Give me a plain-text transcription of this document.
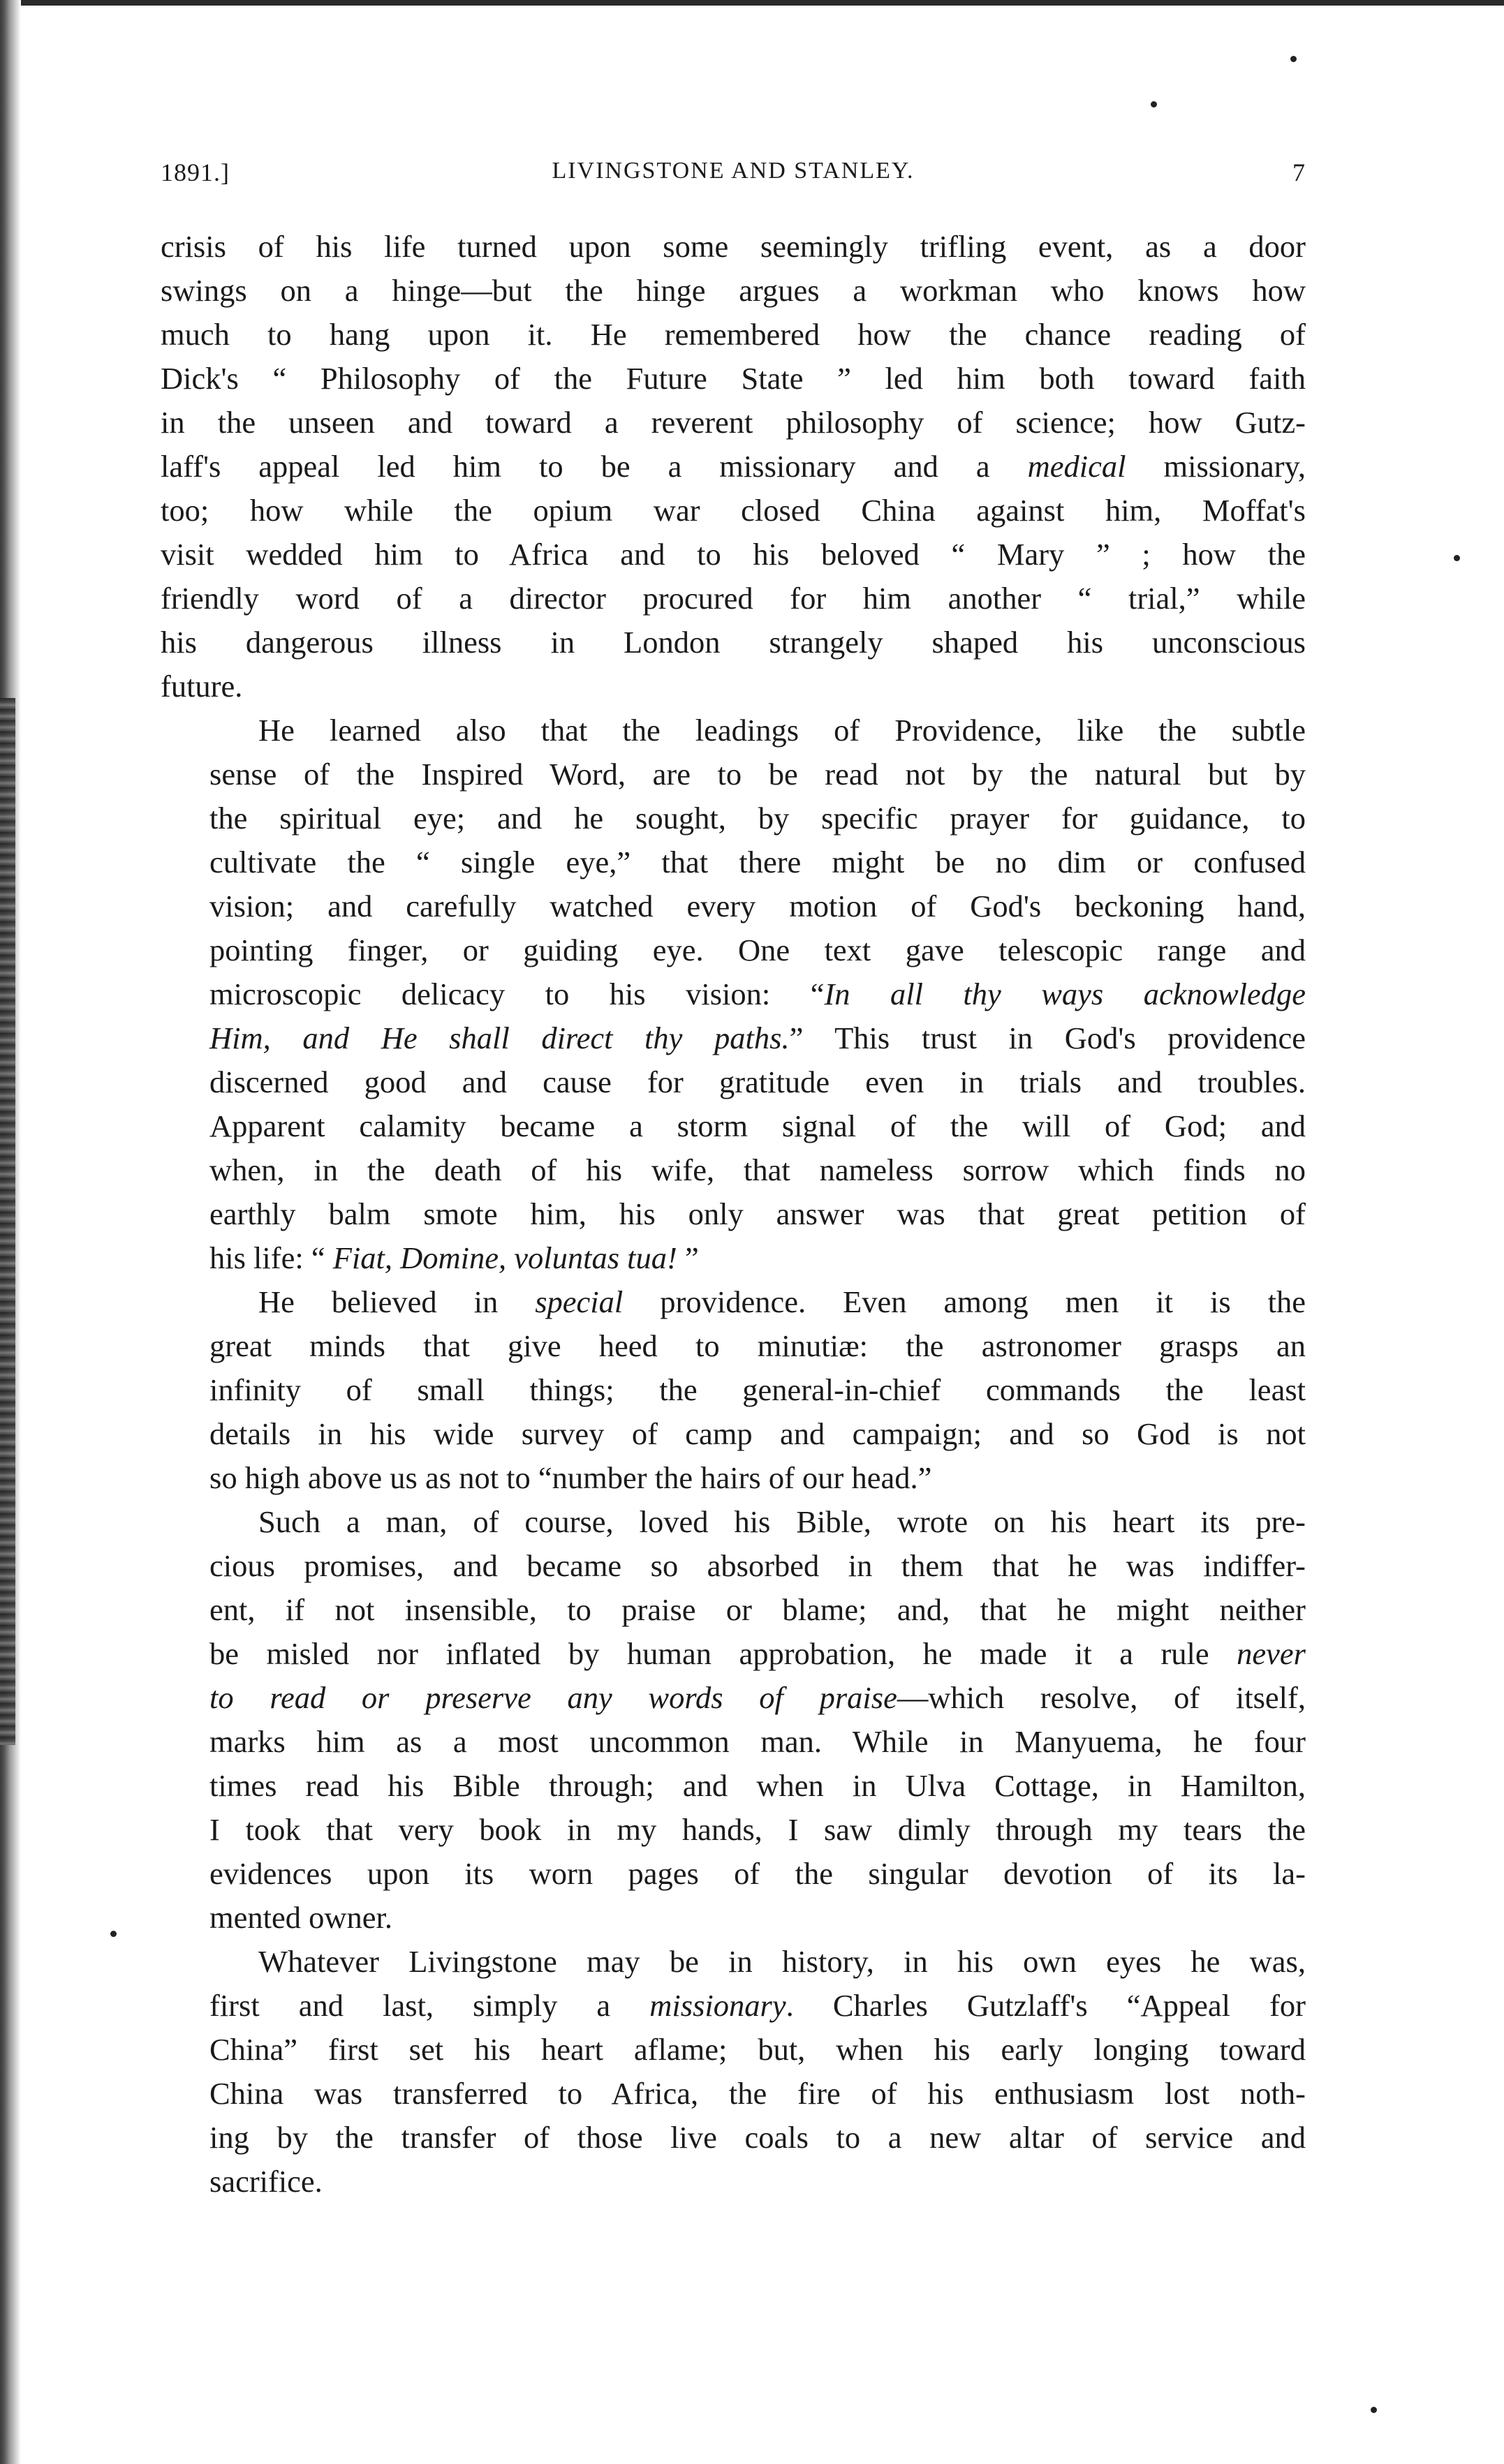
1891.]	LIVINGSTONE AND STANLEY.	7
crisis of his life turned upon some seemingly trifling event, as a door
swings on a hinge—but the hinge argues a workman who knows how
much to hang upon it. He remembered how the chance reading of
Dick's “ Philosophy of the Future State ” led him both toward faith
in the unseen and toward a reverent philosophy of science; how Gutz-
laff's appeal led him to be a missionary and a medical missionary,
too; how while the opium war closed China against him, Moffat's
visit wedded him to Africa and to his beloved “ Mary ” ; how the
friendly word of a director procured for him another “ trial,” while
his dangerous illness in London strangely shaped his unconscious
future.
He learned also that the leadings of Providence, like the subtle
sense of the Inspired Word, are to be read not by the natural but by
the spiritual eye; and he sought, by specific prayer for guidance, to
cultivate the “ single eye,” that there might be no dim or confused
vision; and carefully watched every motion of God's beckoning hand,
pointing finger, or guiding eye. One text gave telescopic range and
microscopic delicacy to his vision: “In all thy ways acknowledge
Him, and He shall direct thy paths.” This trust in God's providence
discerned good and cause for gratitude even in trials and troubles.
Apparent calamity became a storm signal of the will of God; and
when, in the death of his wife, that nameless sorrow which finds no
earthly balm smote him, his only answer was that great petition of
his life: “ Fiat, Domine, voluntas tua! ”
He believed in special providence. Even among men it is the
great minds that give heed to minutiæ: the astronomer grasps an
infinity of small things; the general-in-chief commands the least
details in his wide survey of camp and campaign; and so God is not
so high above us as not to “number the hairs of our head.”
Such a man, of course, loved his Bible, wrote on his heart its pre-
cious promises, and became so absorbed in them that he was indiffer-
ent, if not insensible, to praise or blame; and, that he might neither
be misled nor inflated by human approbation, he made it a rule never
to read or preserve any words of praise—which resolve, of itself,
marks him as a most uncommon man. While in Manyuema, he four
times read his Bible through; and when in Ulva Cottage, in Hamilton,
I took that very book in my hands, I saw dimly through my tears the
evidences upon its worn pages of the singular devotion of its la-
mented owner.
Whatever Livingstone may be in history, in his own eyes he was,
first and last, simply a missionary. Charles Gutzlaff's “Appeal for
China” first set his heart aflame; but, when his early longing toward
China was transferred to Africa, the fire of his enthusiasm lost noth-
ing by the transfer of those live coals to a new altar of service and
sacrifice.
